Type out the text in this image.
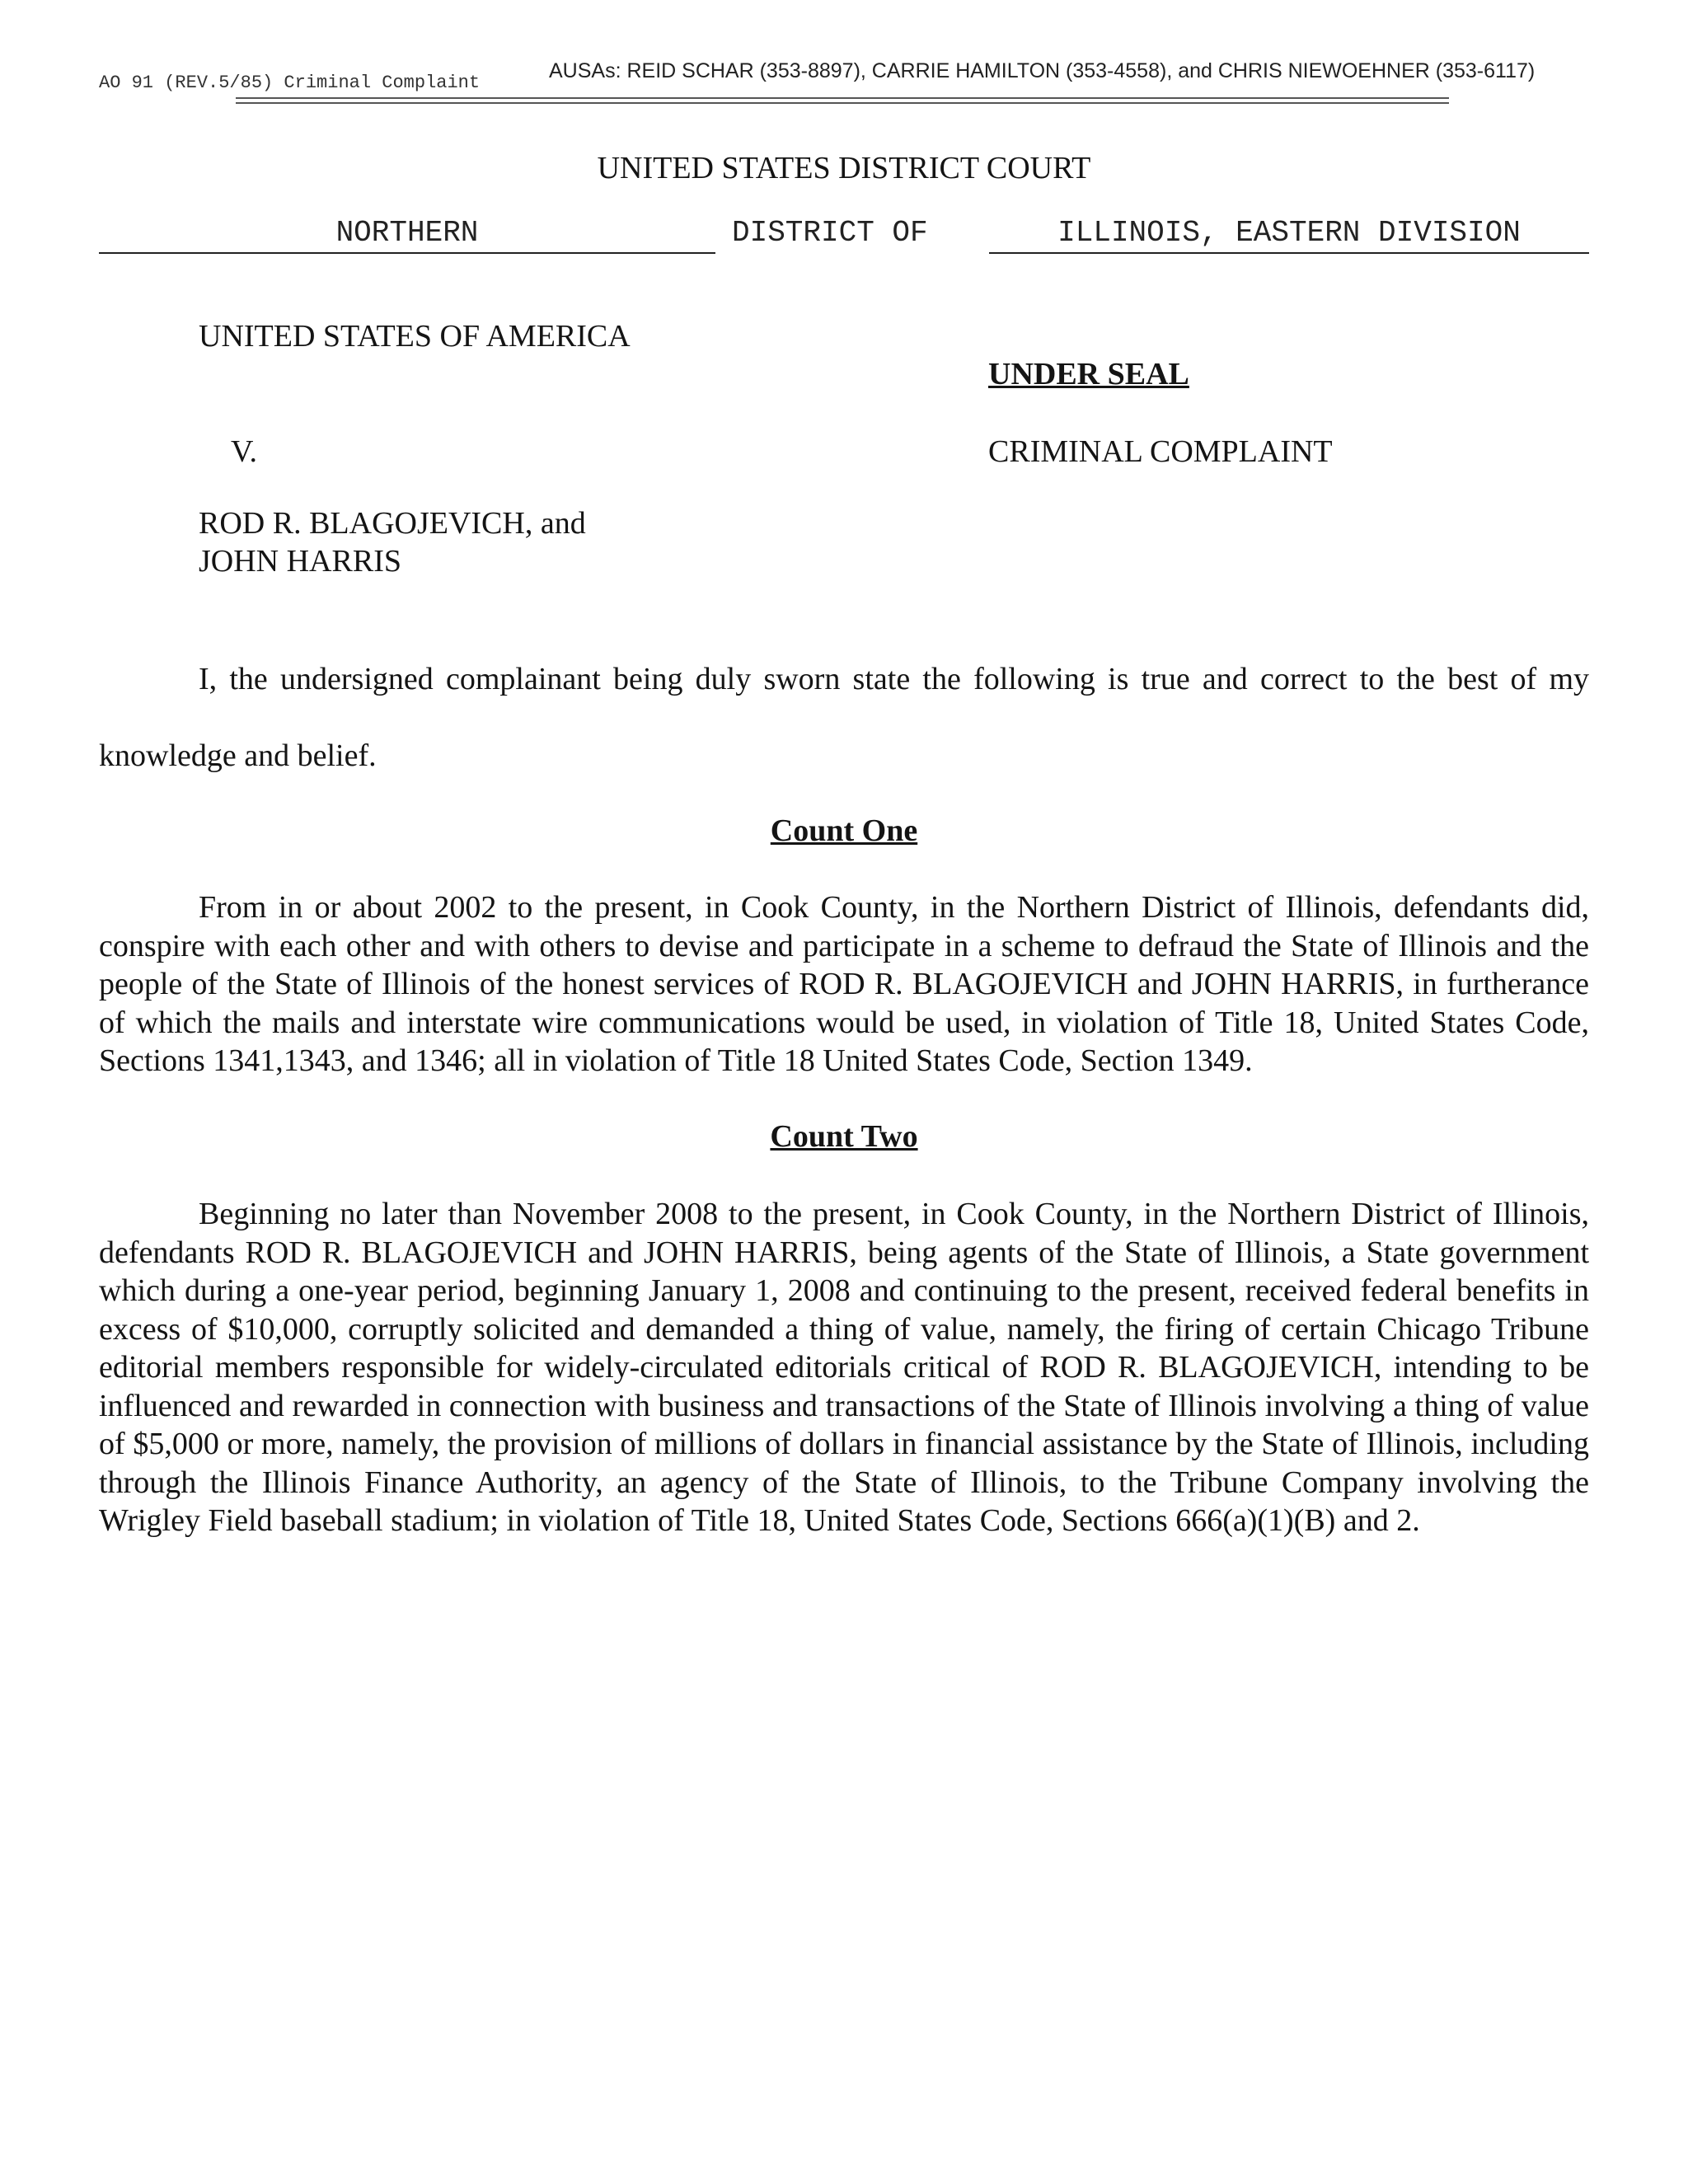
AO 91 (REV.5/85) Criminal Complaint
AUSAs: REID SCHAR (353-8897), CARRIE HAMILTON (353-4558), and CHRIS NIEWOEHNER (353-6117)
UNITED STATES DISTRICT COURT
NORTHERN	DISTRICT OF	ILLINOIS, EASTERN DIVISION
UNITED STATES OF AMERICA
UNDER SEAL
V.	CRIMINAL COMPLAINT
ROD R. BLAGOJEVICH, and
JOHN HARRIS

I, the undersigned complainant being duly sworn state the following is true and correct to the best of my knowledge and belief.

Count One

From in or about 2002 to the present, in Cook County, in the Northern District of Illinois, defendants did, conspire with each other and with others to devise and participate in a scheme to defraud the State of Illinois and the people of the State of Illinois of the honest services of ROD R. BLAGOJEVICH and JOHN HARRIS, in furtherance of which the mails and interstate wire communications would be used, in violation of Title 18, United States Code, Sections 1341,1343, and 1346; all in violation of Title 18 United States Code, Section 1349.

Count Two

Beginning no later than November 2008 to the present, in Cook County, in the Northern District of Illinois, defendants ROD R. BLAGOJEVICH and JOHN HARRIS, being agents of the State of Illinois, a State government which during a one-year period, beginning January 1, 2008 and continuing to the present, received federal benefits in excess of $10,000, corruptly solicited and demanded a thing of value, namely, the firing of certain Chicago Tribune editorial members responsible for widely-circulated editorials critical of ROD R. BLAGOJEVICH, intending to be influenced and rewarded in connection with business and transactions of the State of Illinois involving a thing of value of $5,000 or more, namely, the provision of millions of dollars in financial assistance by the State of Illinois, including through the Illinois Finance Authority, an agency of the State of Illinois, to the Tribune Company involving the Wrigley Field baseball stadium; in violation of Title 18, United States Code, Sections 666(a)(1)(B) and 2.
